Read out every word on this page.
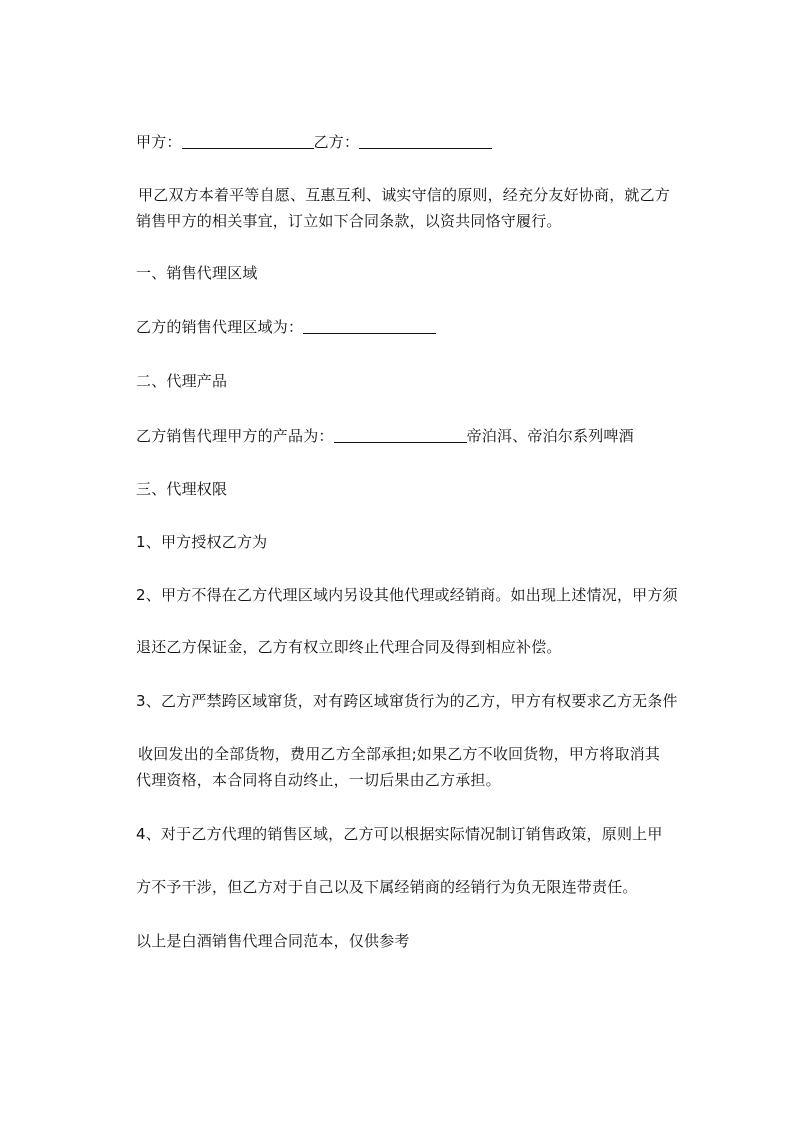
甲方：	乙方：
甲乙双方本着平等自愿、互惠互利、诚实守信的原则，经充分友好协商，就乙方
销售甲方的相关事宜，订立如下合同条款，以资共同恪守履行。
一、销售代理区域
乙方的销售代理区域为：
二、代理产品
乙方销售代理甲方的产品为：	帝泊洱、帝泊尔系列啤酒
三、代理权限
1、甲方授权乙方为
2、甲方不得在乙方代理区域内另设其他代理或经销商。如出现上述情况，甲方须
退还乙方保证金，乙方有权立即终止代理合同及得到相应补偿。
3、乙方严禁跨区域窜货，对有跨区域窜货行为的乙方，甲方有权要求乙方无条件
收回发出的全部货物，费用乙方全部承担;如果乙方不收回货物，甲方将取消其
代理资格，本合同将自动终止，一切后果由乙方承担。
4、对于乙方代理的销售区域，乙方可以根据实际情况制订销售政策，原则上甲
方不予干涉，但乙方对于自己以及下属经销商的经销行为负无限连带责任。
以上是白酒销售代理合同范本，仅供参考
